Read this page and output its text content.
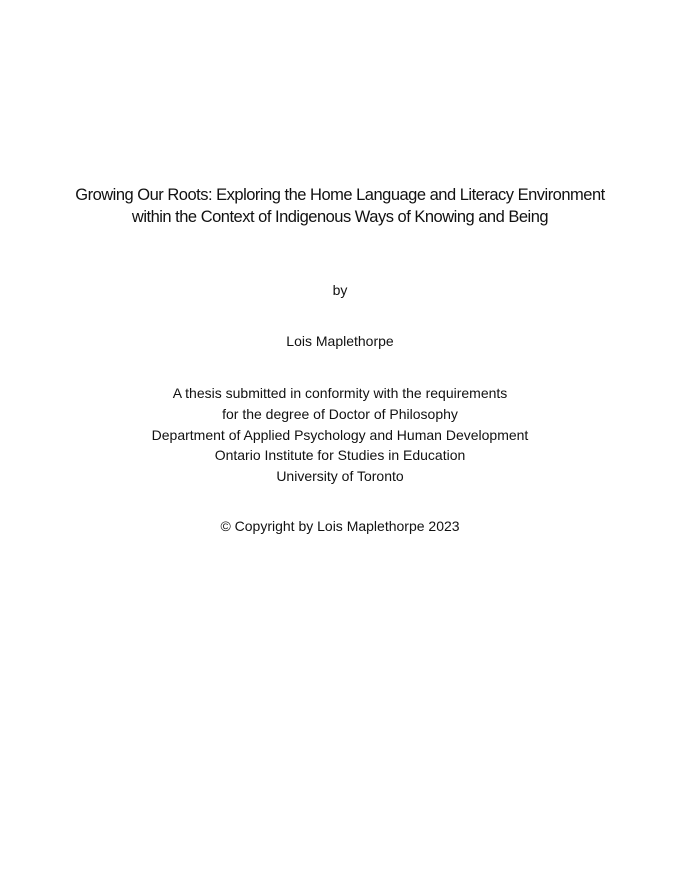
Growing Our Roots: Exploring the Home Language and Literacy Environment
within the Context of Indigenous Ways of Knowing and Being
by
Lois Maplethorpe
A thesis submitted in conformity with the requirements
for the degree of Doctor of Philosophy
Department of Applied Psychology and Human Development
Ontario Institute for Studies in Education
University of Toronto
© Copyright by Lois Maplethorpe 2023
